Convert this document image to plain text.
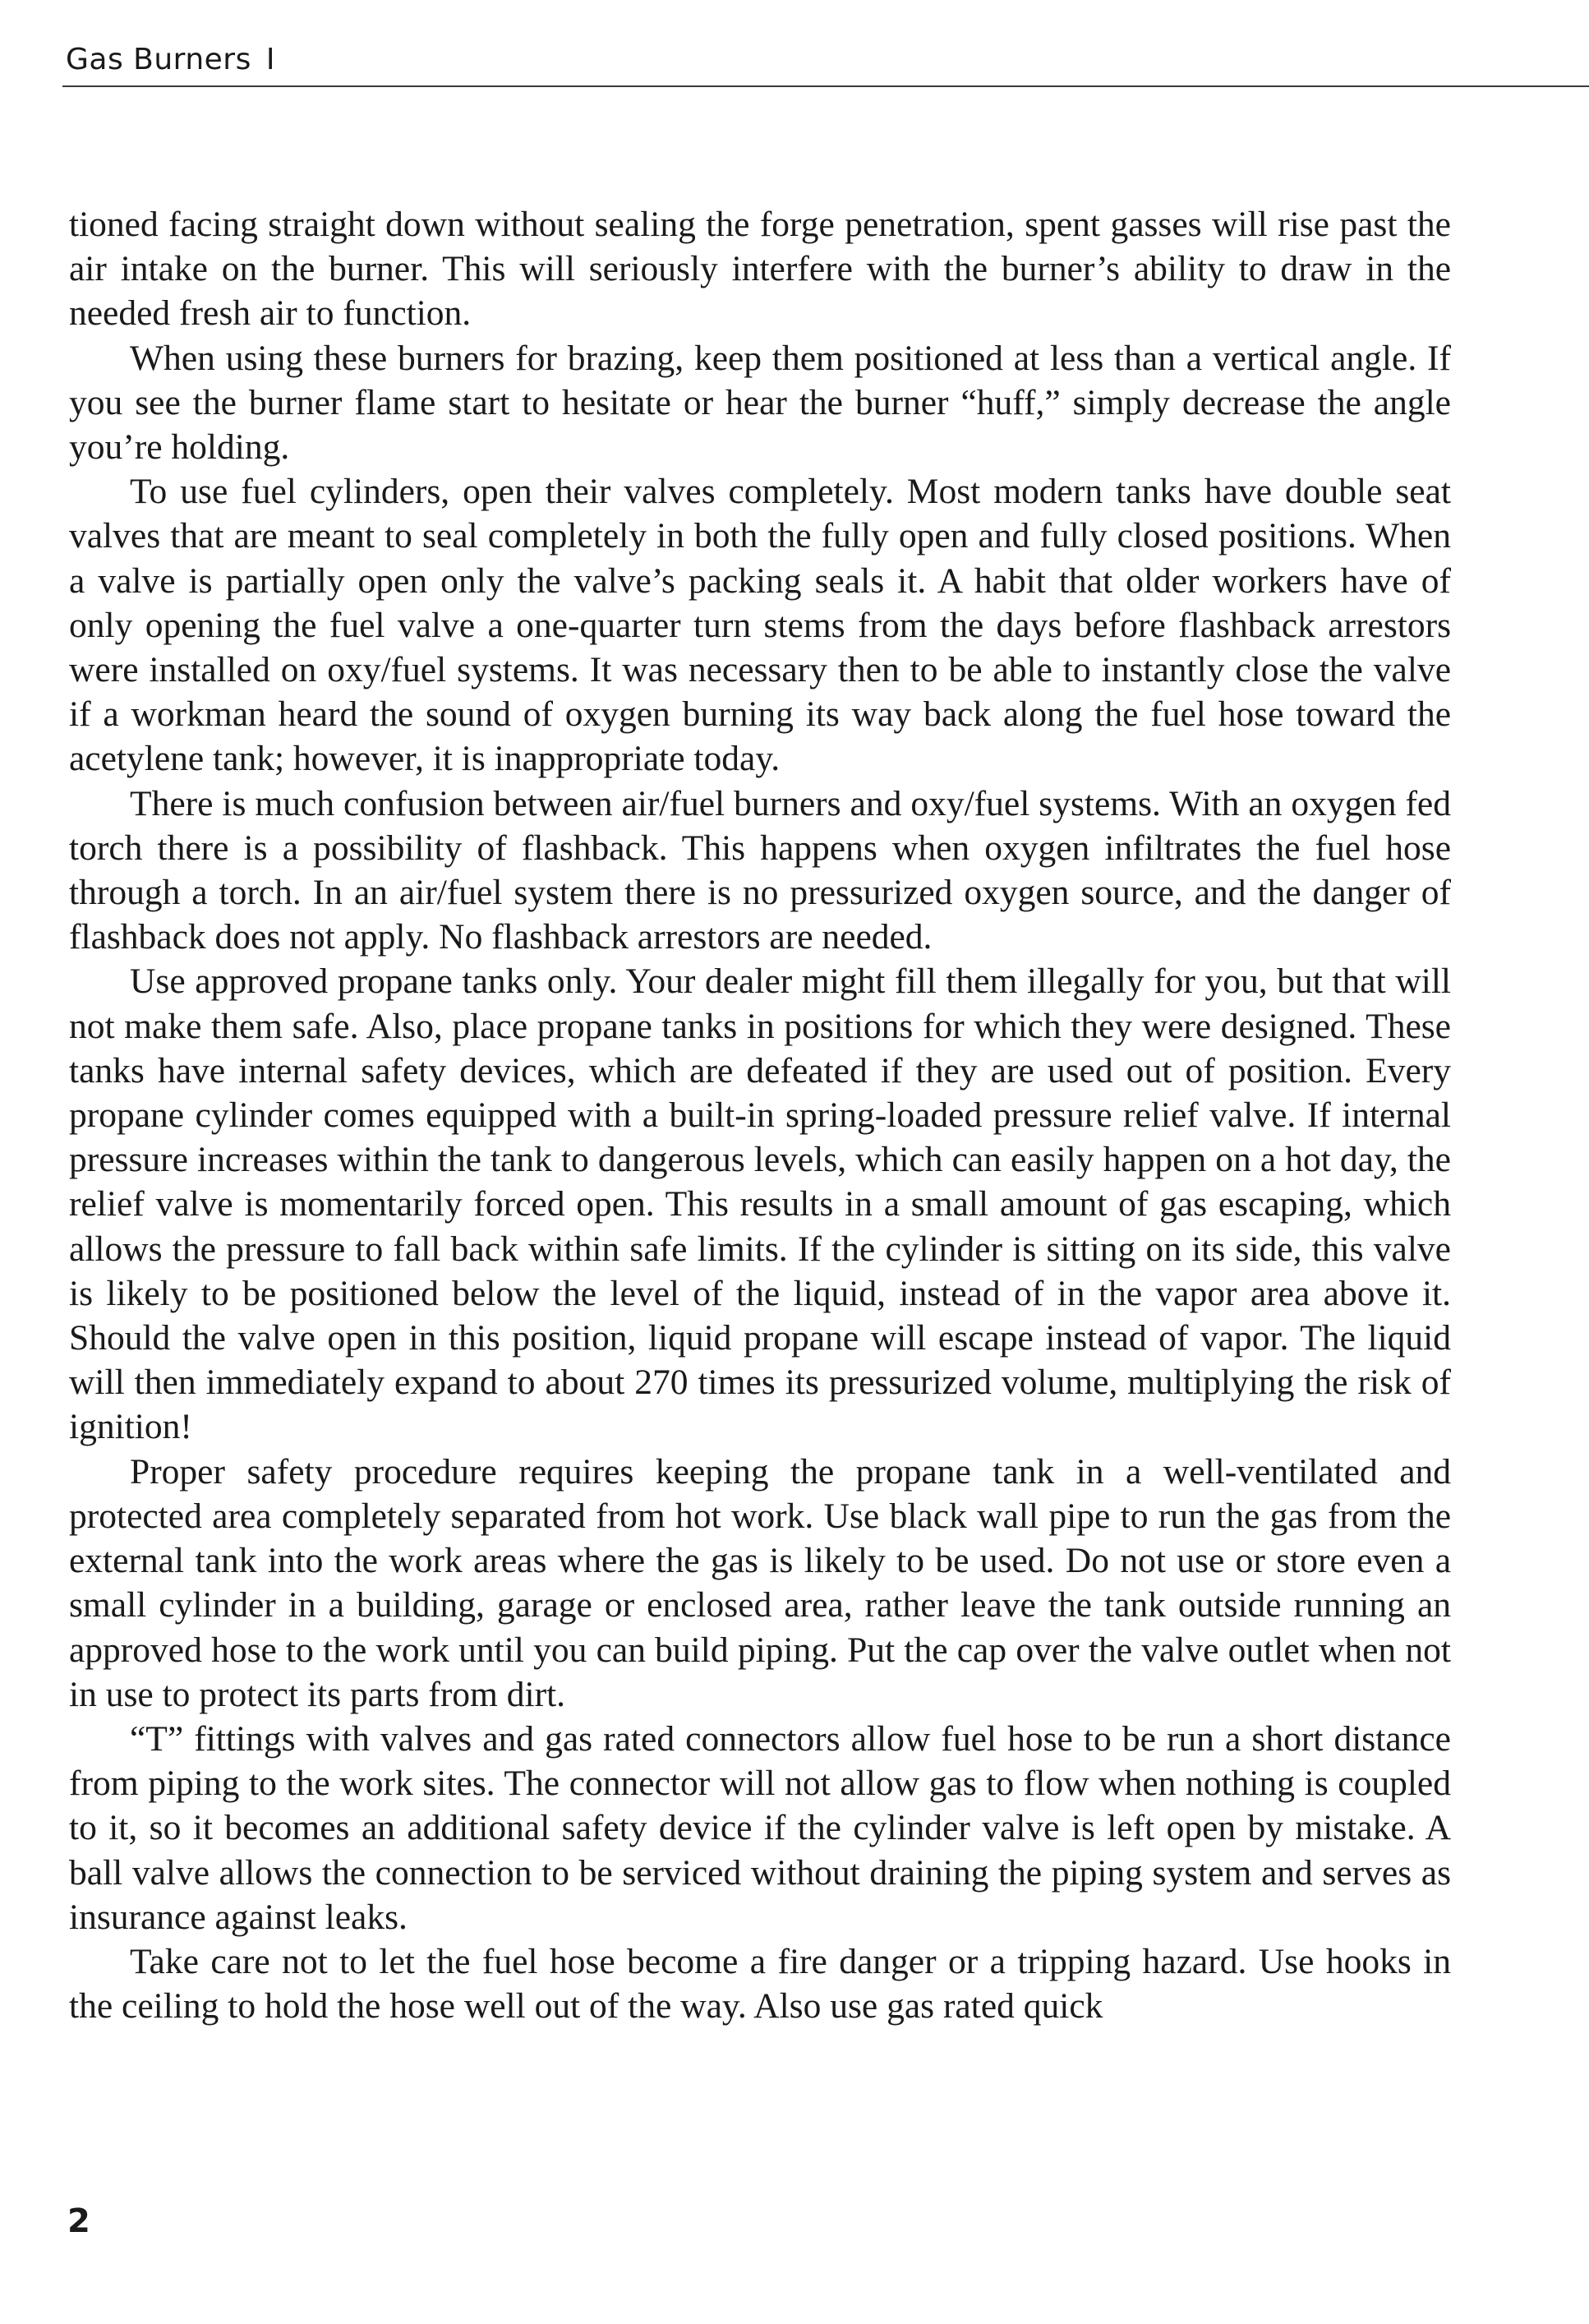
Gas Burners I

tioned facing straight down without sealing the forge penetration, spent gasses will rise past the air intake on the burner. This will seriously interfere with the burner’s ability to draw in the needed fresh air to function.

When using these burners for brazing, keep them positioned at less than a vertical angle. If you see the burner flame start to hesitate or hear the burner “huff,” simply decrease the angle you’re holding.

To use fuel cylinders, open their valves completely. Most modern tanks have double seat valves that are meant to seal completely in both the fully open and fully closed positions. When a valve is partially open only the valve’s packing seals it. A habit that older workers have of only opening the fuel valve a one-quarter turn stems from the days before flashback arrestors were installed on oxy/fuel systems. It was necessary then to be able to instantly close the valve if a workman heard the sound of oxygen burning its way back along the fuel hose toward the acetylene tank; however, it is inappropriate today.

There is much confusion between air/fuel burners and oxy/fuel systems. With an oxygen fed torch there is a possibility of flashback. This happens when oxygen infiltrates the fuel hose through a torch. In an air/fuel system there is no pressurized oxygen source, and the danger of flashback does not apply. No flashback arrestors are needed.

Use approved propane tanks only. Your dealer might fill them illegally for you, but that will not make them safe. Also, place propane tanks in positions for which they were designed. These tanks have internal safety devices, which are defeated if they are used out of position. Every propane cylinder comes equipped with a built-in spring-loaded pressure relief valve. If internal pressure increases within the tank to dangerous levels, which can easily happen on a hot day, the relief valve is momentarily forced open. This results in a small amount of gas escaping, which allows the pressure to fall back within safe limits. If the cylinder is sitting on its side, this valve is likely to be positioned below the level of the liquid, instead of in the vapor area above it. Should the valve open in this position, liquid propane will escape instead of vapor. The liquid will then immediately expand to about 270 times its pressurized volume, multiplying the risk of ignition!

Proper safety procedure requires keeping the propane tank in a well-ventilated and protected area completely separated from hot work. Use black wall pipe to run the gas from the external tank into the work areas where the gas is likely to be used. Do not use or store even a small cylinder in a building, garage or enclosed area, rather leave the tank outside running an approved hose to the work until you can build piping. Put the cap over the valve outlet when not in use to protect its parts from dirt.

“T” fittings with valves and gas rated connectors allow fuel hose to be run a short distance from piping to the work sites. The connector will not allow gas to flow when nothing is coupled to it, so it becomes an additional safety device if the cylinder valve is left open by mistake. A ball valve allows the connection to be serviced without draining the piping system and serves as insurance against leaks.

Take care not to let the fuel hose become a fire danger or a tripping hazard. Use hooks in the ceiling to hold the hose well out of the way. Also use gas rated quick

2
